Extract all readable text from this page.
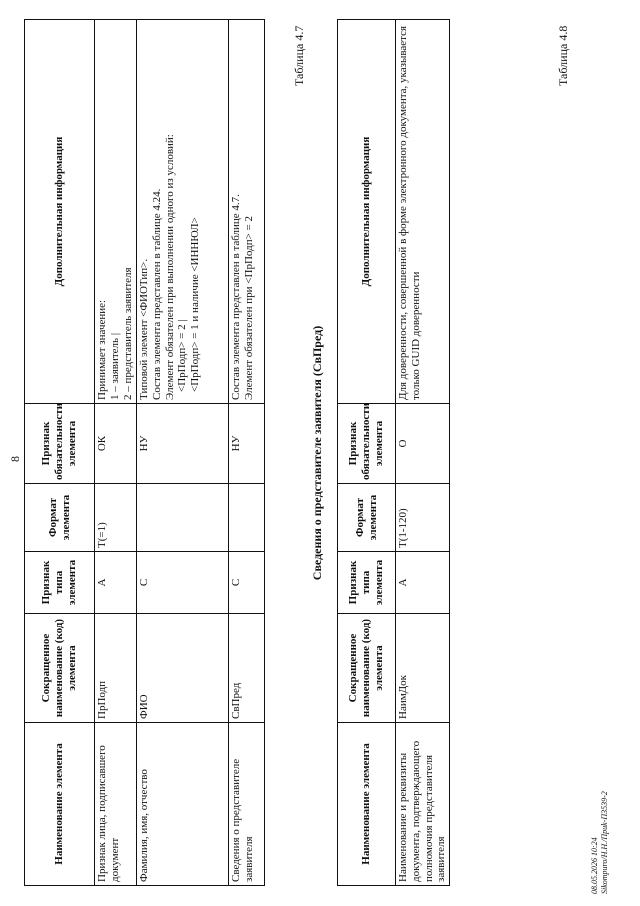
8
Наименование элемента	Сокращенное наименование (код) элемента	Признак типа элемента	Формат элемента	Признак обязательности элемента	Дополнительная информация
Признак лица, подписавшего документ	ПрПодп	А	T(=1)	ОК	Принимает значение: 1 – заявитель | 2 – представитель заявителя

Фамилия, имя, отчество	ФИО	С		НУ	Типовой элемент <ФИОТип>. Состав элемента представлен в таблице 4.24. Элемент обязателен при выполнении одного из условий: <ПрПодп> = 2 | <ПрПодп> = 1 и наличие <ИННЮЛ>

Сведения о представителе заявителя	СвПред	С		НУ	Состав элемента представлен в таблице 4.7. Элемент обязателен при <ПрПодп> = 2
Таблица 4.7
Сведения о представителе заявителя (СвПред)
Наименование элемента	Сокращенное наименование (код) элемента	Признак типа элемента	Формат элемента	Признак обязательности элемента	Дополнительная информация
Наименование и реквизиты документа, подтверждающего полномочия представителя заявителя	НаимДок	А	T(1-120)	О	Для доверенности, совершенной в форме электронного документа, указывается только GUID доверенности
Таблица 4.8
08.05.2026 10:24 Sikompuro/Н.Н./Приk-ПЗ539-2
